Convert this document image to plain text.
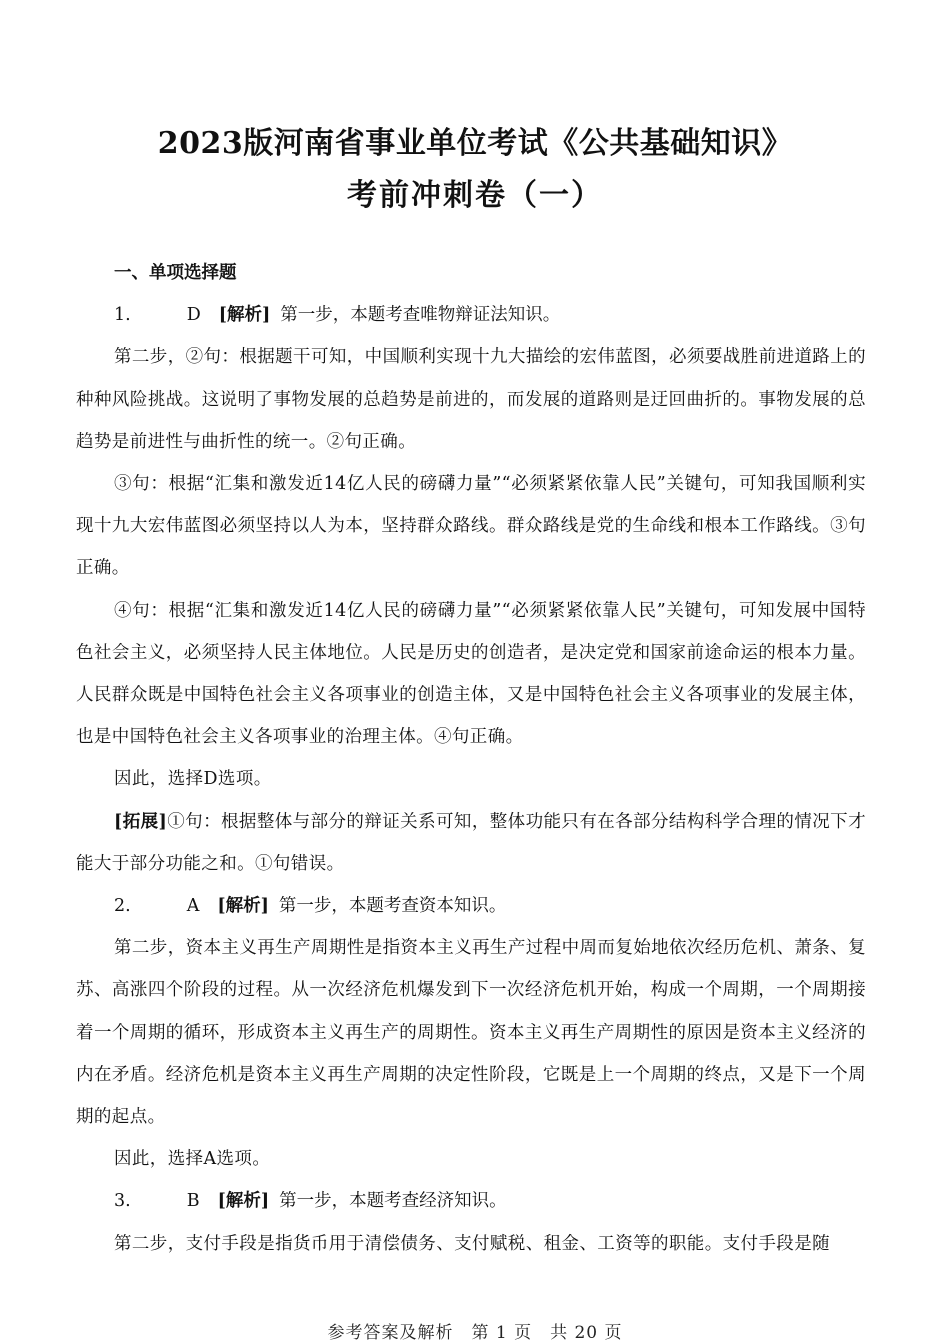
2023版河南省事业单位考试《公共基础知识》
考前冲刺卷（一）

一、单项选择题

1.	D [解析] 第一步，本题考查唯物辩证法知识。

第二步，②句：根据题干可知，中国顺利实现十九大描绘的宏伟蓝图，必须要战胜前进道路上的种种风险挑战。这说明了事物发展的总趋势是前进的，而发展的道路则是迂回曲折的。事物发展的总趋势是前进性与曲折性的统一。②句正确。

③句：根据“汇集和激发近14亿人民的磅礴力量”“必须紧紧依靠人民”关键句，可知我国顺利实现十九大宏伟蓝图必须坚持以人为本，坚持群众路线。群众路线是党的生命线和根本工作路线。③句正确。

④句：根据“汇集和激发近14亿人民的磅礴力量”“必须紧紧依靠人民”关键句，可知发展中国特色社会主义，必须坚持人民主体地位。人民是历史的创造者，是决定党和国家前途命运的根本力量。人民群众既是中国特色社会主义各项事业的创造主体，又是中国特色社会主义各项事业的发展主体，也是中国特色社会主义各项事业的治理主体。④句正确。

因此，选择D选项。

[拓展]①句：根据整体与部分的辩证关系可知，整体功能只有在各部分结构科学合理的情况下才能大于部分功能之和。①句错误。

2.	A [解析] 第一步，本题考查资本知识。

第二步，资本主义再生产周期性是指资本主义再生产过程中周而复始地依次经历危机、萧条、复苏、高涨四个阶段的过程。从一次经济危机爆发到下一次经济危机开始，构成一个周期，一个周期接着一个周期的循环，形成资本主义再生产的周期性。资本主义再生产周期性的原因是资本主义经济的内在矛盾。经济危机是资本主义再生产周期的决定性阶段，它既是上一个周期的终点，又是下一个周期的起点。

因此，选择A选项。

3.	B [解析] 第一步，本题考查经济知识。

第二步，支付手段是指货币用于清偿债务、支付赋税、租金、工资等的职能。支付手段是随

参考答案及解析　第 1 页　共 20 页
